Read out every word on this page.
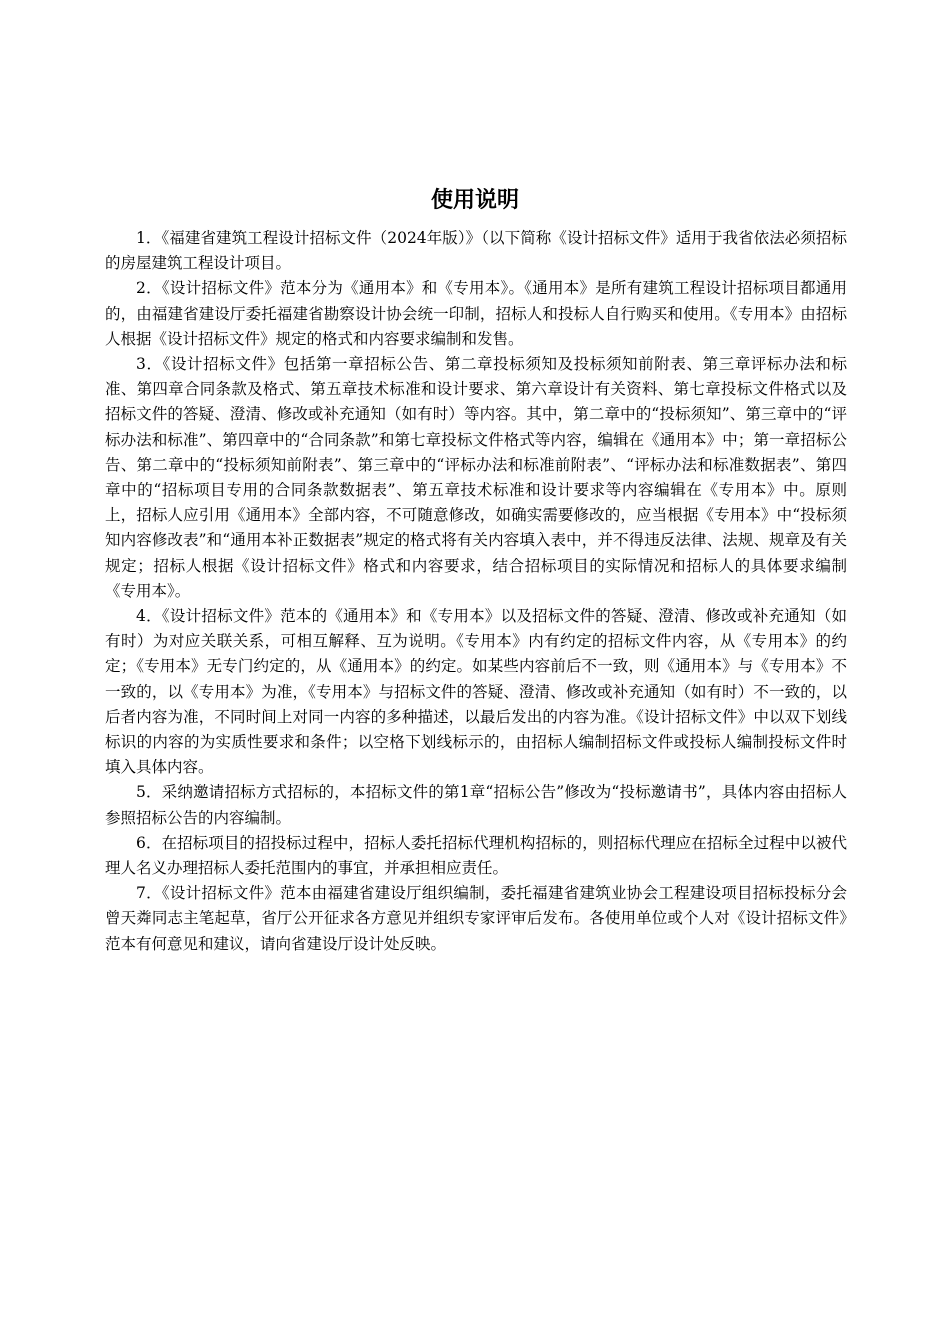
使用说明

1．《福建省建筑工程设计招标文件（2024年版）》（以下简称《设计招标文件》适用于我省依法必须招标的房屋建筑工程设计项目。

2．《设计招标文件》范本分为《通用本》和《专用本》。《通用本》是所有建筑工程设计招标项目都通用的，由福建省建设厅委托福建省勘察设计协会统一印制，招标人和投标人自行购买和使用。《专用本》由招标人根据《设计招标文件》规定的格式和内容要求编制和发售。

3．《设计招标文件》包括第一章招标公告、第二章投标须知及投标须知前附表、第三章评标办法和标准、第四章合同条款及格式、第五章技术标准和设计要求、第六章设计有关资料、第七章投标文件格式以及招标文件的答疑、澄清、修改或补充通知（如有时）等内容。其中，第二章中的“投标须知”、第三章中的“评标办法和标准”、第四章中的“合同条款”和第七章投标文件格式等内容，编辑在《通用本》中；第一章招标公告、第二章中的“投标须知前附表”、第三章中的“评标办法和标准前附表”、“评标办法和标准数据表”、第四章中的“招标项目专用的合同条款数据表”、第五章技术标准和设计要求等内容编辑在《专用本》中。原则上，招标人应引用《通用本》全部内容，不可随意修改，如确实需要修改的，应当根据《专用本》中“投标须知内容修改表”和“通用本补正数据表”规定的格式将有关内容填入表中，并不得违反法律、法规、规章及有关规定；招标人根据《设计招标文件》格式和内容要求，结合招标项目的实际情况和招标人的具体要求编制《专用本》。

4．《设计招标文件》范本的《通用本》和《专用本》以及招标文件的答疑、澄清、修改或补充通知（如有时）为对应关联关系，可相互解释、互为说明。《专用本》内有约定的招标文件内容，从《专用本》的约定；《专用本》无专门约定的，从《通用本》的约定。如某些内容前后不一致，则《通用本》与《专用本》不一致的，以《专用本》为准，《专用本》与招标文件的答疑、澄清、修改或补充通知（如有时）不一致的，以后者内容为准，不同时间上对同一内容的多种描述，以最后发出的内容为准。《设计招标文件》中以双下划线标识的内容的为实质性要求和条件；以空格下划线标示的，由招标人编制招标文件或投标人编制投标文件时填入具体内容。

5．采纳邀请招标方式招标的，本招标文件的第1章“招标公告”修改为“投标邀请书”，具体内容由招标人参照招标公告的内容编制。

6．在招标项目的招投标过程中，招标人委托招标代理机构招标的，则招标代理应在招标全过程中以被代理人名义办理招标人委托范围内的事宜，并承担相应责任。

7．《设计招标文件》范本由福建省建设厅组织编制，委托福建省建筑业协会工程建设项目招标投标分会曾天粦同志主笔起草，省厅公开征求各方意见并组织专家评审后发布。各使用单位或个人对《设计招标文件》范本有何意见和建议，请向省建设厅设计处反映。
